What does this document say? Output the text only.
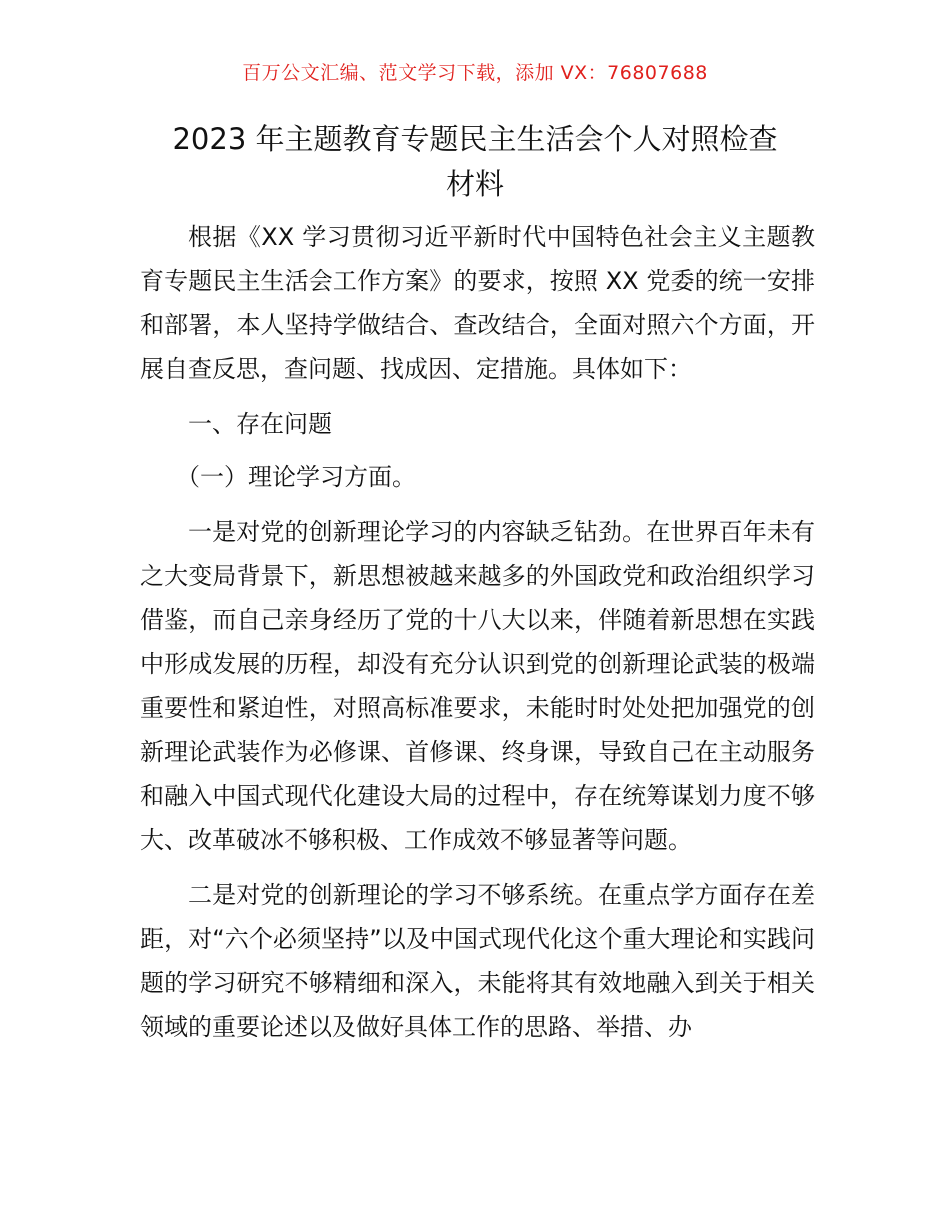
百万公文汇编、范文学习下载，添加 VX：76807688
2023 年主题教育专题民主生活会个人对照检查
材料

根据《XX 学习贯彻习近平新时代中国特色社会主义主题教育专题民主生活会工作方案》的要求，按照 XX 党委的统一安排和部署，本人坚持学做结合、查改结合，全面对照六个方面，开展自查反思，查问题、找成因、定措施。具体如下：

一、存在问题

（一）理论学习方面。

一是对党的创新理论学习的内容缺乏钻劲。在世界百年未有之大变局背景下，新思想被越来越多的外国政党和政治组织学习借鉴，而自己亲身经历了党的十八大以来，伴随着新思想在实践中形成发展的历程，却没有充分认识到党的创新理论武装的极端重要性和紧迫性，对照高标准要求，未能时时处处把加强党的创新理论武装作为必修课、首修课、终身课，导致自己在主动服务和融入中国式现代化建设大局的过程中，存在统筹谋划力度不够大、改革破冰不够积极、工作成效不够显著等问题。

二是对党的创新理论的学习不够系统。在重点学方面存在差距，对“六个必须坚持”以及中国式现代化这个重大理论和实践问题的学习研究不够精细和深入，未能将其有效地融入到关于相关领域的重要论述以及做好具体工作的思路、举措、办
